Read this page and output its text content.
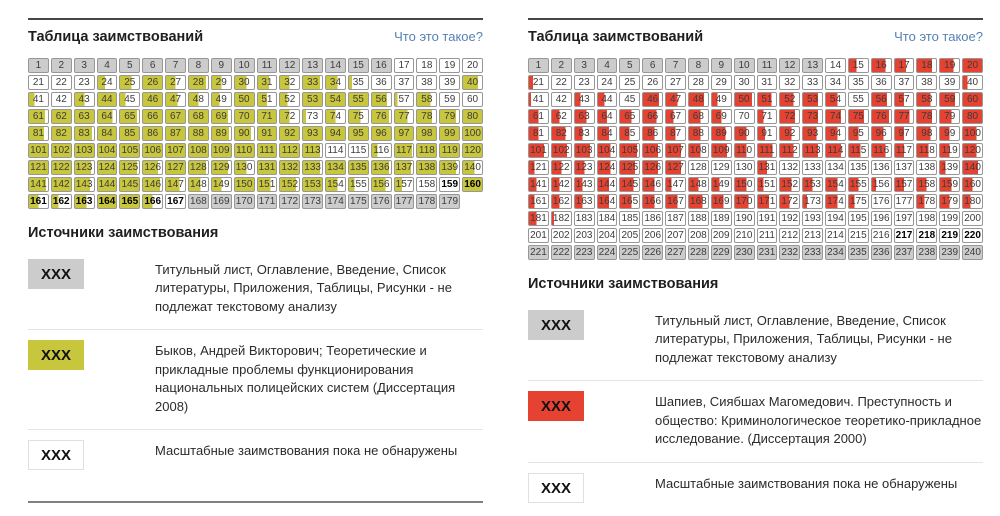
Таблица заимствований	Что это такое?
1	2	3	4	5	6	7	8	9	10	11	12	13	14	15	16	17	18	19	20
21	22	23	24	25	26	27	28	29	30	31	32	33	34	35	36	37	38	39	40
41	42	43	44	45	46	47	48	49	50	51	52	53	54	55	56	57	58	59	60
61	62	63	64	65	66	67	68	69	70	71	72	73	74	75	76	77	78	79	80
81	82	83	84	85	86	87	88	89	90	91	92	93	94	95	96	97	98	99 100
101 102 103 104 105 106 107 108 109 110 111 112 113 114 115 116 117 118 119 120
121 122 123 124 125 126 127 128 129 130 131 132 133 134 135 136 137 138 139 140
141 142 143 144 145 146 147 148 149 150 151 152 153 154 155 156 157 158 159 160
161 162 163 164 165 166 167 168 169 170 171 172 173 174 175 176 177 178 179
Источники заимствования
XXX	Титульный лист, Оглавление, Введение, Список литературы, Приложения, Таблицы, Рисунки - не подлежат текстовому анализу
XXX	Быков, Андрей Викторович; Теоретические и прикладные проблемы функционирования национальных полицейских систем (Диссертация 2008)
XXX	Масштабные заимствования пока не обнаружены
Таблица заимствований	Что это такое?
1	2	3	4	5	6	7	8	9	10	11	12	13	14	15	16	17	18	19	20
21	22	23	24	25	26	27	28	29	30	31	32	33	34	35	36	37	38	39	40
41	42	43	44	45	46	47	48	49	50	51	52	53	54	55	56	57	58	59	60
61	62	63	64	65	66	67	68	69	70	71	72	73	74	75	76	77	78	79	80
81	82	83	84	85	86	87	88	89	90	91	92	93	94	95	96	97	98	99 100
101 102 103 104 105 106 107 108 109 110 111 112 113 114 115 116 117 118 119 120
121 122 123 124 125 126 127 128 129 130 131 132 133 134 135 136 137 138 139 140
141 142 143 144 145 146 147 148 149 150 151 152 153 154 155 156 157 158 159 160
161 162 163 164 165 166 167 168 169 170 171 172 173 174 175 176 177 178 179 180
181 182 183 184 185 186 187 188 189 190 191 192 193 194 195 196 197 198 199 200
201 202 203 204 205 206 207 208 209 210 211 212 213 214 215 216 217 218 219 220
221 222 223 224 225 226 227 228 229 230 231 232 233 234 235 236 237 238 239 240
Источники заимствования
XXX	Титульный лист, Оглавление, Введение, Список литературы, Приложения, Таблицы, Рисунки - не подлежат текстовому анализу
XXX	Шапиев, Сиябшах Магомедович. Преступность и общество: Криминологическое теоретико-прикладное исследование. (Диссертация 2000)
XXX	Масштабные заимствования пока не обнаружены
